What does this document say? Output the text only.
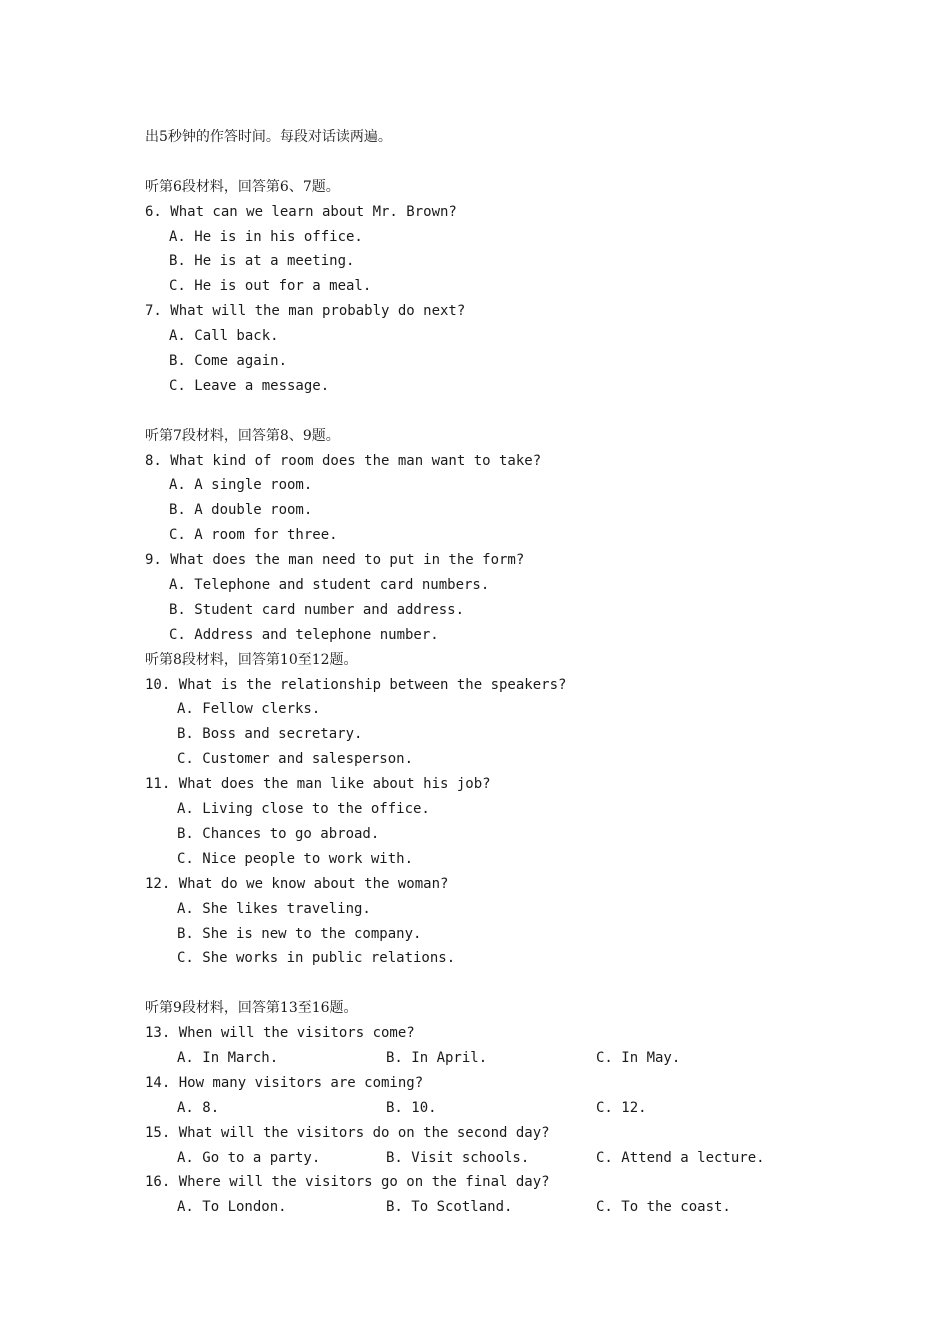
出5秒钟的作答时间。每段对话读两遍。
听第6段材料，回答第6、7题。
6. What can we learn about Mr. Brown?
A. He is in his office.
B. He is at a meeting.
C. He is out for a meal.
7. What will the man probably do next?
A. Call back.
B. Come again.
C. Leave a message.
听第7段材料，回答第8、9题。
8. What kind of room does the man want to take?
A. A single room.
B. A double room.
C. A room for three.
9. What does the man need to put in the form?
A. Telephone and student card numbers.
B. Student card number and address.
C. Address and telephone number.
听第8段材料，回答第10至12题。
10. What is the relationship between the speakers?
A. Fellow clerks.
B. Boss and secretary.
C. Customer and salesperson.
11. What does the man like about his job?
A. Living close to the office.
B. Chances to go abroad.
C. Nice people to work with.
12. What do we know about the woman?
A. She likes traveling.
B. She is new to the company.
C. She works in public relations.
听第9段材料，回答第13至16题。
13. When will the visitors come?
A. In March.	B. In April.	C. In May.
14. How many visitors are coming?
A. 8.	B. 10.	C. 12.
15. What will the visitors do on the second day?
A. Go to a party.	B. Visit schools.	C. Attend a lecture.
16. Where will the visitors go on the final day?
A. To London.	B. To Scotland.	C. To the coast.
